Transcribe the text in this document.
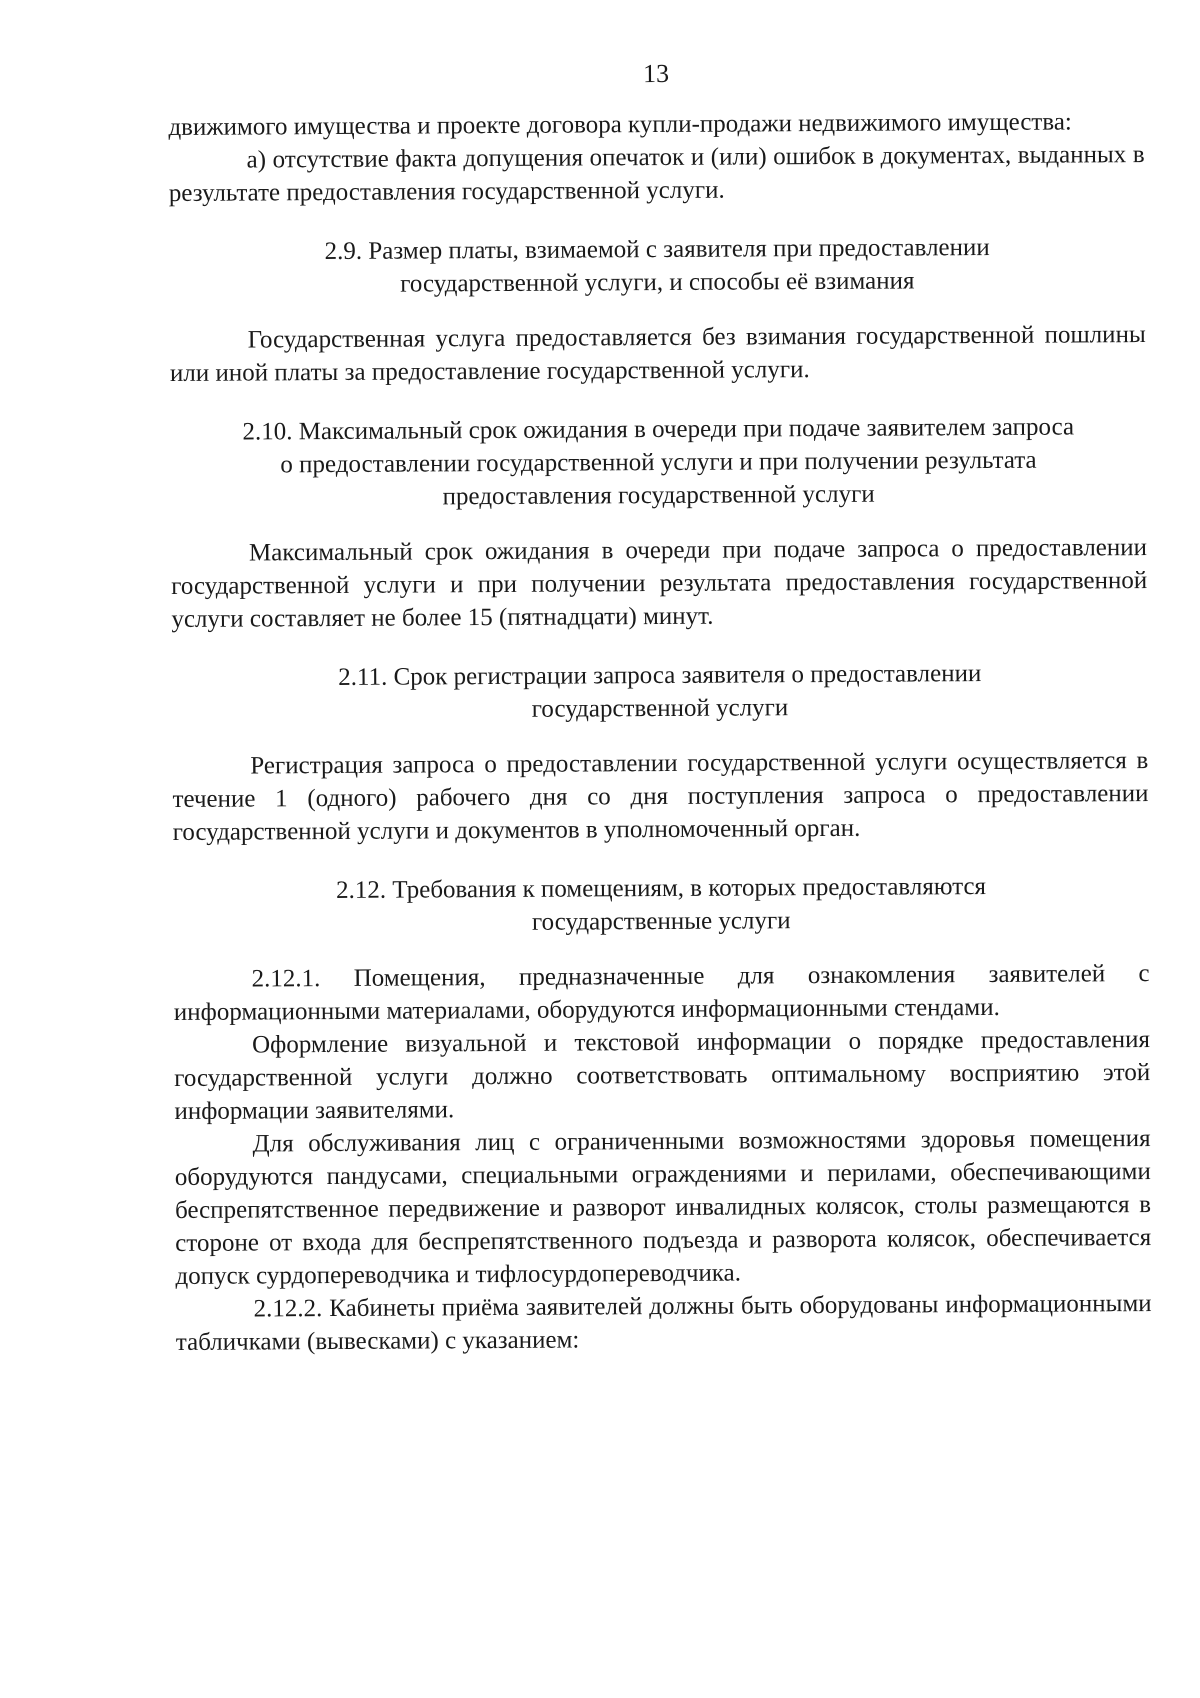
13

движимого имущества и проекте договора купли-продажи недвижимого имущества:

а) отсутствие факта допущения опечаток и (или) ошибок в документах, выданных в результате предоставления государственной услуги.

2.9. Размер платы, взимаемой с заявителя при предоставлении
государственной услуги, и способы её взимания

Государственная услуга предоставляется без взимания государственной пошлины или иной платы за предоставление государственной услуги.

2.10. Максимальный срок ожидания в очереди при подаче заявителем запроса
о предоставлении государственной услуги и при получении результата
предоставления государственной услуги

Максимальный срок ожидания в очереди при подаче запроса о предоставлении государственной услуги и при получении результата предоставления государственной услуги составляет не более 15 (пятнадцати) минут.

2.11. Срок регистрации запроса заявителя о предоставлении
государственной услуги

Регистрация запроса о предоставлении государственной услуги осуществляется в течение 1 (одного) рабочего дня со дня поступления запроса о предоставлении государственной услуги и документов в уполномоченный орган.

2.12. Требования к помещениям, в которых предоставляются
государственные услуги

2.12.1. Помещения, предназначенные для ознакомления заявителей с информационными материалами, оборудуются информационными стендами.

Оформление визуальной и текстовой информации о порядке предоставления государственной услуги должно соответствовать оптимальному восприятию этой информации заявителями.

Для обслуживания лиц с ограниченными возможностями здоровья помещения оборудуются пандусами, специальными ограждениями и перилами, обеспечивающими беспрепятственное передвижение и разворот инвалидных колясок, столы размещаются в стороне от входа для беспрепятственного подъезда и разворота колясок, обеспечивается допуск сурдопереводчика и тифлосурдопереводчика.

2.12.2. Кабинеты приёма заявителей должны быть оборудованы информационными табличками (вывесками) с указанием:
